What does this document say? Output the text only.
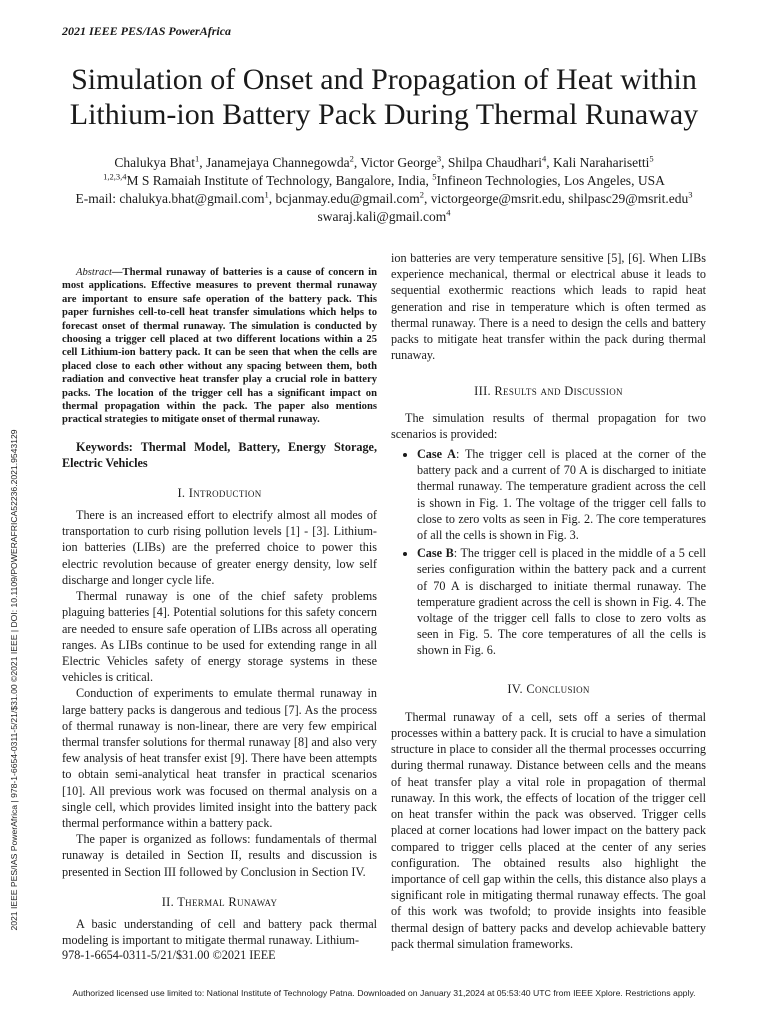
2021 IEEE PES/IAS PowerAfrica
Simulation of Onset and Propagation of Heat within Lithium-ion Battery Pack During Thermal Runaway
Chalukya Bhat$^1$, Janamejaya Channegowda$^2$, Victor George$^3$, Shilpa Chaudhari$^4$, Kali Naraharisetti$^5$
$^{1,2,3,4}$M S Ramaiah Institute of Technology, Bangalore, India, $^5$Infineon Technologies, Los Angeles, USA
E-mail: chalukya.bhat@gmail.com$^1$, bcjanmay.edu@gmail.com$^2$, victorgeorge@msrit.edu, shilpasc29@msrit.edu$^3$
swaraj.kali@gmail.com$^4$

Abstract—Thermal runaway of batteries is a cause of concern in most applications. Effective measures to prevent thermal runaway are important to ensure safe operation of the battery pack. This paper furnishes cell-to-cell heat transfer simulations which helps to forecast onset of thermal runaway. The simulation is conducted by choosing a trigger cell placed at two different locations within a 25 cell Lithium-ion battery pack. It can be seen that when the cells are placed close to each other without any spacing between them, both radiation and convective heat transfer play a crucial role in battery packs. The location of the trigger cell has a significant impact on thermal propagation within the pack. The paper also mentions practical strategies to mitigate onset of thermal runaway.

Keywords: Thermal Model, Battery, Energy Storage, Electric Vehicles

I. Introduction

There is an increased effort to electrify almost all modes of transportation to curb rising pollution levels [1] - [3]. Lithium-ion batteries (LIBs) are the preferred choice to power this electric revolution because of greater energy density, low self discharge and longer cycle life.

Thermal runaway is one of the chief safety problems plaguing batteries [4]. Potential solutions for this safety concern are needed to ensure safe operation of LIBs across all operating ranges. As LIBs continue to be used for extending range in all Electric Vehicles safety of energy storage systems in these vehicles is critical.

Conduction of experiments to emulate thermal runaway in large battery packs is dangerous and tedious [7]. As the process of thermal runaway is non-linear, there are very few empirical thermal transfer solutions for thermal runaway [8] and also very few analysis of heat transfer exist [9]. There have been attempts to obtain semi-analytical heat transfer in practical scenarios [10]. All previous work was focused on thermal analysis on a single cell, which provides limited insight into the battery pack thermal performance within a battery pack.

The paper is organized as follows: fundamentals of thermal runaway is detailed in Section II, results and discussion is presented in Section III followed by Conclusion in Section IV.

II. Thermal Runaway

A basic understanding of cell and battery pack thermal modeling is important to mitigate thermal runaway. Lithium-

ion batteries are very temperature sensitive [5], [6]. When LIBs experience mechanical, thermal or electrical abuse it leads to sequential exothermic reactions which leads to rapid heat generation and rise in temperature which is often termed as thermal runaway. There is a need to design the cells and battery packs to mitigate heat transfer within the pack during thermal runaway.

III. Results and Discussion

The simulation results of thermal propagation for two scenarios is provided:

• Case A: The trigger cell is placed at the corner of the battery pack and a current of 70 A is discharged to initiate thermal runaway. The temperature gradient across the cell is shown in Fig. 1. The voltage of the trigger cell falls to close to zero volts as seen in Fig. 2. The core temperatures of all the cells is shown in Fig. 3.
• Case B: The trigger cell is placed in the middle of a 5 cell series configuration within the battery pack and a current of 70 A is discharged to initiate thermal runaway. The temperature gradient across the cell is shown in Fig. 4. The voltage of the trigger cell falls to close to zero volts as seen in Fig. 5. The core temperatures of all the cells is shown in Fig. 6.
IV. Conclusion

Thermal runaway of a cell, sets off a series of thermal processes within a battery pack. It is crucial to have a simulation structure in place to consider all the thermal processes occurring during thermal runaway. Distance between cells and the means of heat transfer play a vital role in propagation of thermal runaway. In this work, the effects of location of the trigger cell on heat transfer within the pack was observed. Trigger cells placed at corner locations had lower impact on the battery pack compared to trigger cells placed at the center of any series configuration. The obtained results also highlight the importance of cell gap within the cells, this distance also plays a significant role in mitigating thermal runaway effects. The goal of this work was twofold; to provide insights into feasible thermal design of battery packs and develop achievable battery pack thermal simulation frameworks.

2021 IEEE PES/IAS PowerAfrica | 978-1-6654-0311-5/21/$31.00 ©2021 IEEE | DOI: 10.1109/POWERAFRICA52236.2021.9543129
978-1-6654-0311-5/21/$31.00 ©2021 IEEE
Authorized licensed use limited to: National Institute of Technology Patna. Downloaded on January 31,2024 at 05:53:40 UTC from IEEE Xplore. Restrictions apply.
